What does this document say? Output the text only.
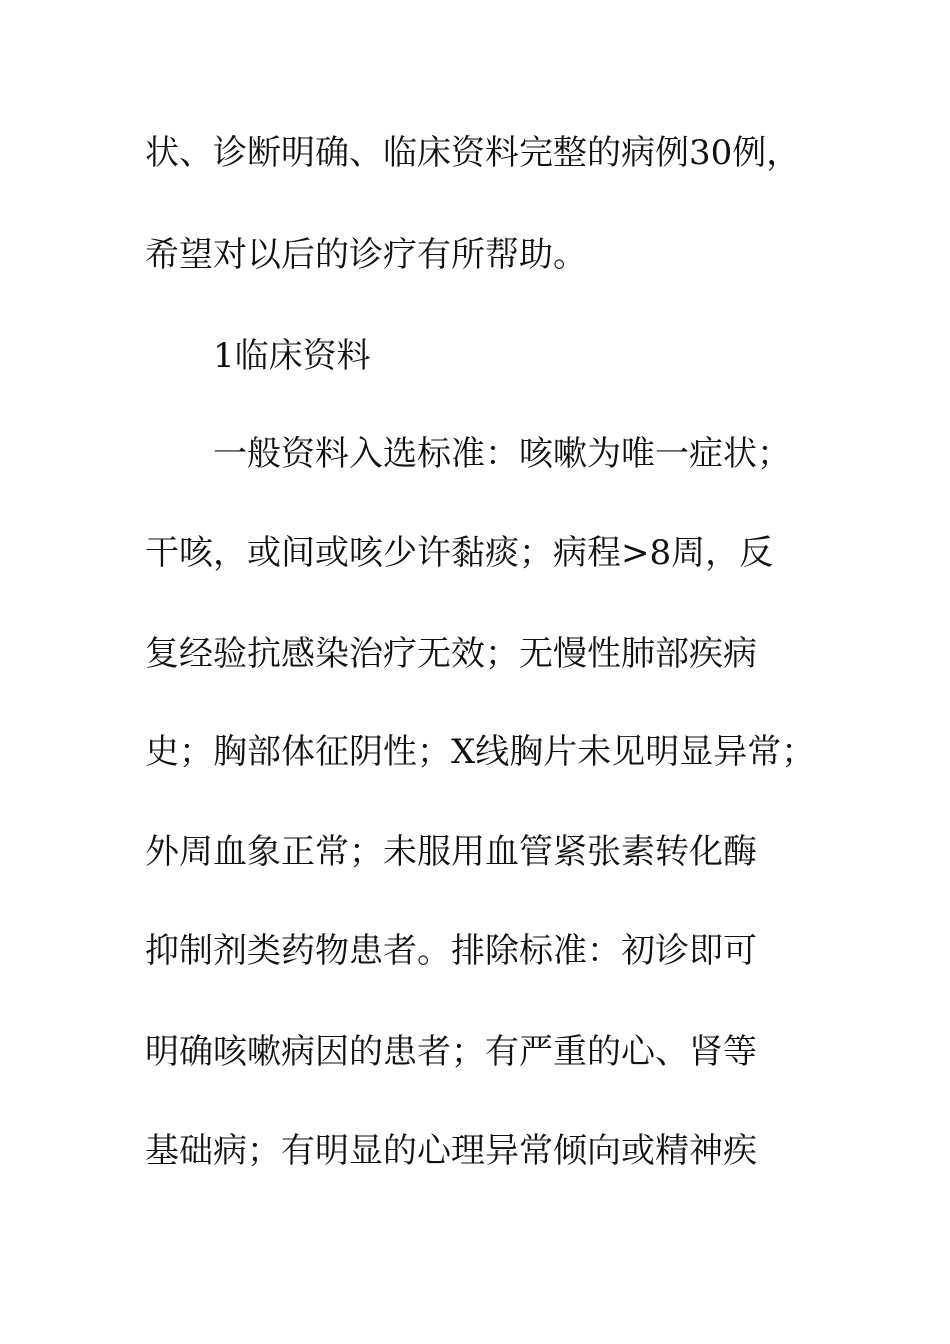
状、诊断明确、临床资料完整的病例30例，

希望对以后的诊疗有所帮助。

1临床资料

一般资料入选标准：咳嗽为唯一症状；

干咳，或间或咳少许黏痰；病程>8周，反

复经验抗感染治疗无效；无慢性肺部疾病

史；胸部体征阴性；X线胸片未见明显异常；

外周血象正常；未服用血管紧张素转化酶

抑制剂类药物患者。排除标准：初诊即可

明确咳嗽病因的患者；有严重的心、肾等

基础病；有明显的心理异常倾向或精神疾
